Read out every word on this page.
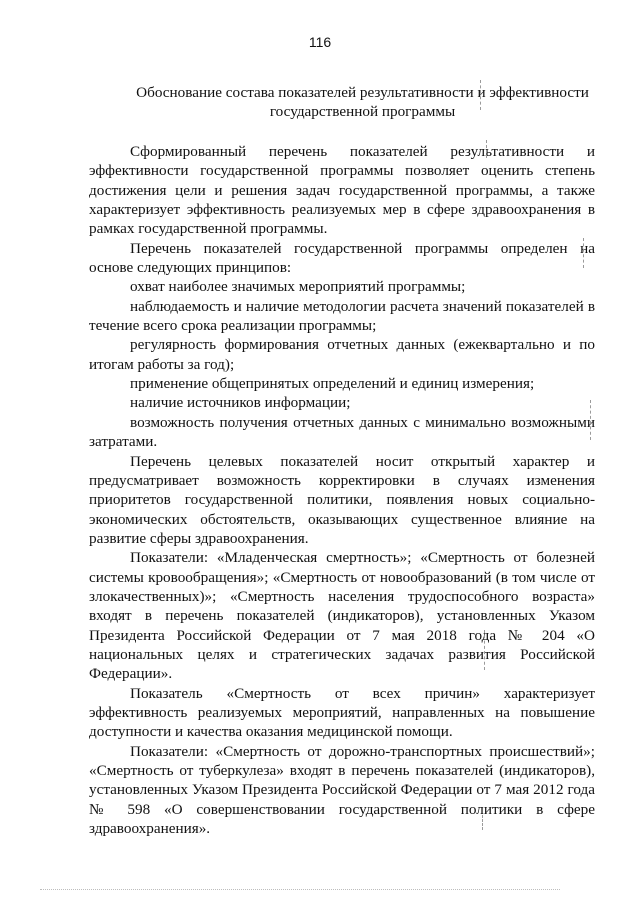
116
Обоснование состава показателей результативности и эффективности государственной программы

Сформированный перечень показателей результативности и эффективности государственной программы позволяет оценить степень достижения цели и решения задач государственной программы, а также характеризует эффективность реализуемых мер в сфере здравоохранения в рамках государственной программы.

Перечень показателей государственной программы определен на основе следующих принципов:

охват наиболее значимых мероприятий программы;

наблюдаемость и наличие методологии расчета значений показателей в течение всего срока реализации программы;

регулярность формирования отчетных данных (ежеквартально и по итогам работы за год);

применение общепринятых определений и единиц измерения;

наличие источников информации;

возможность получения отчетных данных с минимально возможными затратами.

Перечень целевых показателей носит открытый характер и предусматривает возможность корректировки в случаях изменения приоритетов государственной политики, появления новых социально-экономических обстоятельств, оказывающих существенное влияние на развитие сферы здравоохранения.

Показатели: «Младенческая смертность»; «Смертность от болезней системы кровообращения»; «Смертность от новообразований (в том числе от злокачественных)»; «Смертность населения трудоспособного возраста» входят в перечень показателей (индикаторов), установленных Указом Президента Российской Федерации от 7 мая 2018 года № 204 «О национальных целях и стратегических задачах развития Российской Федерации».

Показатель «Смертность от всех причин» характеризует эффективность реализуемых мероприятий, направленных на повышение доступности и качества оказания медицинской помощи.

Показатели: «Смертность от дорожно-транспортных происшествий»; «Смертность от туберкулеза» входят в перечень показателей (индикаторов), установленных Указом Президента Российской Федерации от 7 мая 2012 года № 598 «О совершенствовании государственной политики в сфере здравоохранения».
